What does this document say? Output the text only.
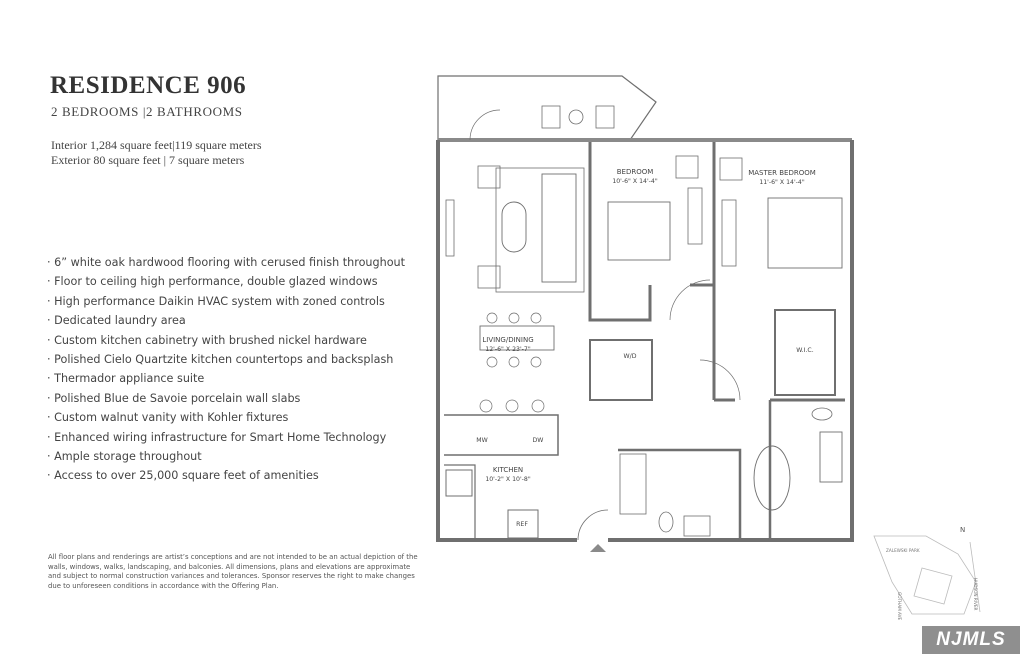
RESIDENCE 906
2 BEDROOMS |2 BATHROOMS
Interior 1,284 square feet|119 square meters
Exterior 80 square feet | 7 square meters
· 6” white oak hardwood flooring with cerused finish throughout
· Floor to ceiling high performance, double glazed windows
· High performance Daikin HVAC system with zoned controls
· Dedicated laundry area
· Custom kitchen cabinetry with brushed nickel hardware
· Polished Cielo Quartzite kitchen countertops and backsplash
· Thermador appliance suite
· Polished Blue de Savoie porcelain wall slabs
· Custom walnut vanity with Kohler fixtures
· Enhanced wiring infrastructure for Smart Home Technology
· Ample storage throughout
· Access to over 25,000 square feet of amenities
All floor plans and renderings are artist’s conceptions and are not intended to be an actual depiction of the walls, windows, walks, landscaping, and balconies. All dimensions, plans and elevations are approximate and subject to normal construction variances and tolerances. Sponsor reserves the right to make changes due to unforeseen conditions in accordance with the Offering Plan.
BEDROOM
10'-6" X 14'-4"
MASTER BEDROOM
11'-6" X 14'-4"
LIVING/DINING
12'-6" X 23'-7"
KITCHEN
10'-2" X 10'-8"
W/D
W.I.C.
MW	DW
REF
N
ZALEWSKI PARK
GOTHAM AVE	HUDSON RIVER
NJMLS
